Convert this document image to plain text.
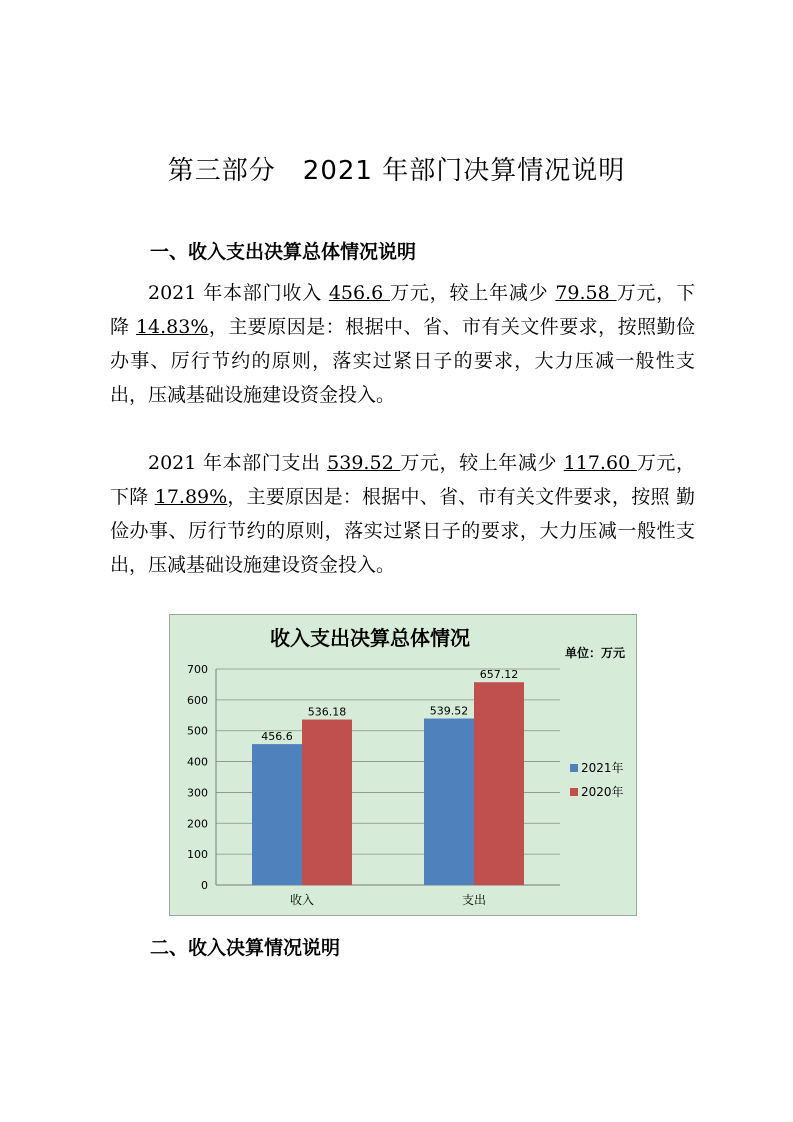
第三部分　2021 年部门决算情况说明
一、收入支出决算总体情况说明

2021 年本部门收入 456.6 万元，较上年减少 79.58 万元，下降 14.83%，主要原因是：根据中、省、市有关文件要求，按照勤俭办事、厉行节约的原则，落实过紧日子的要求，大力压减一般性支出，压减基础设施建设资金投入。

2021 年本部门支出 539.52 万元，较上年减少 117.60 万元，下降 17.89%，主要原因是：根据中、省、市有关文件要求，按照 勤俭办事、厉行节约的原则，落实过紧日子的要求，大力压减一般性支出，压减基础设施建设资金投入。

收入支出决算总体情况
单位：万元
0
100
200
300
400
500
600
700
456.6
536.18
收入
539.52
657.12
支出
2021年
2020年
二、收入决算情况说明
